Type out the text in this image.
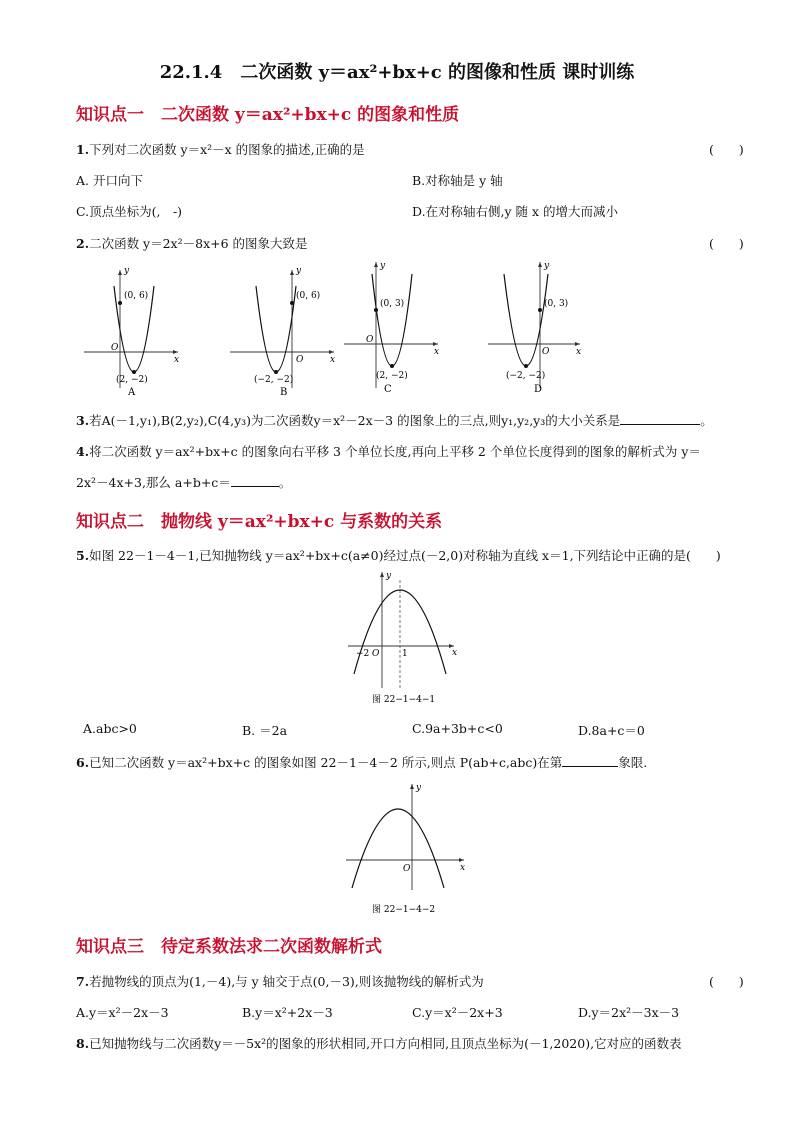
22.1.4　二次函数 y＝ax²+bx+c 的图像和性质 课时训练
知识点一　二次函数 y＝ax²+bx+c 的图象和性质
1.下列对二次函数 y＝x²－x 的图象的描述,正确的是	(　　)
A. 开口向下	B.对称轴是 y 轴
C.顶点坐标为(,　-)	D.在对称轴右侧,y 随 x 的增大而减小
2.二次函数 y＝2x²－8x+6 的图象大致是	(　　)
x
y
O
(0, 6)
(2, −2)
A
x
y
O
(0, 6)
(−2, −2)
B
x
y
O
(0, 3)
(2, −2)
C
x
y
O
(0, 3)
(−2, −2)
D
3.若A(－1,y₁),B(2,y₂),C(4,y₃)为二次函数y＝x²－2x－3 的图象上的三点,则y₁,y₂,y₃的大小关系是	。
4.将二次函数 y＝ax²+bx+c 的图象向右平移 3 个单位长度,再向上平移 2 个单位长度得到的图象的解析式为 y＝
2x²－4x+3,那么 a+b+c＝	。
知识点二　抛物线 y＝ax²+bx+c 与系数的关系
5.如图 22－1－4－1,已知抛物线 y＝ax²+bx+c(a≠0)经过点(－2,0)对称轴为直线 x＝1,下列结论中正确的是(　　)
x
y
−2 O	1
图 22−1−4−1
A.abc>0	B. ＝2a	C.9a+3b+c<0	D.8a+c＝0
6.已知二次函数 y＝ax²+bx+c 的图象如图 22－1－4－2 所示,则点 P(ab+c,abc)在第	象限.
x
y
O
图 22−1−4−2
知识点三　待定系数法求二次函数解析式
7.若抛物线的顶点为(1,－4),与 y 轴交于点(0,－3),则该抛物线的解析式为	(　　)
A.y＝x²－2x－3	B.y＝x²+2x－3	C.y＝x²－2x+3	D.y＝2x²－3x－3
8.已知抛物线与二次函数y＝－5x²的图象的形状相同,开口方向相同,且顶点坐标为(－1,2020),它对应的函数表
